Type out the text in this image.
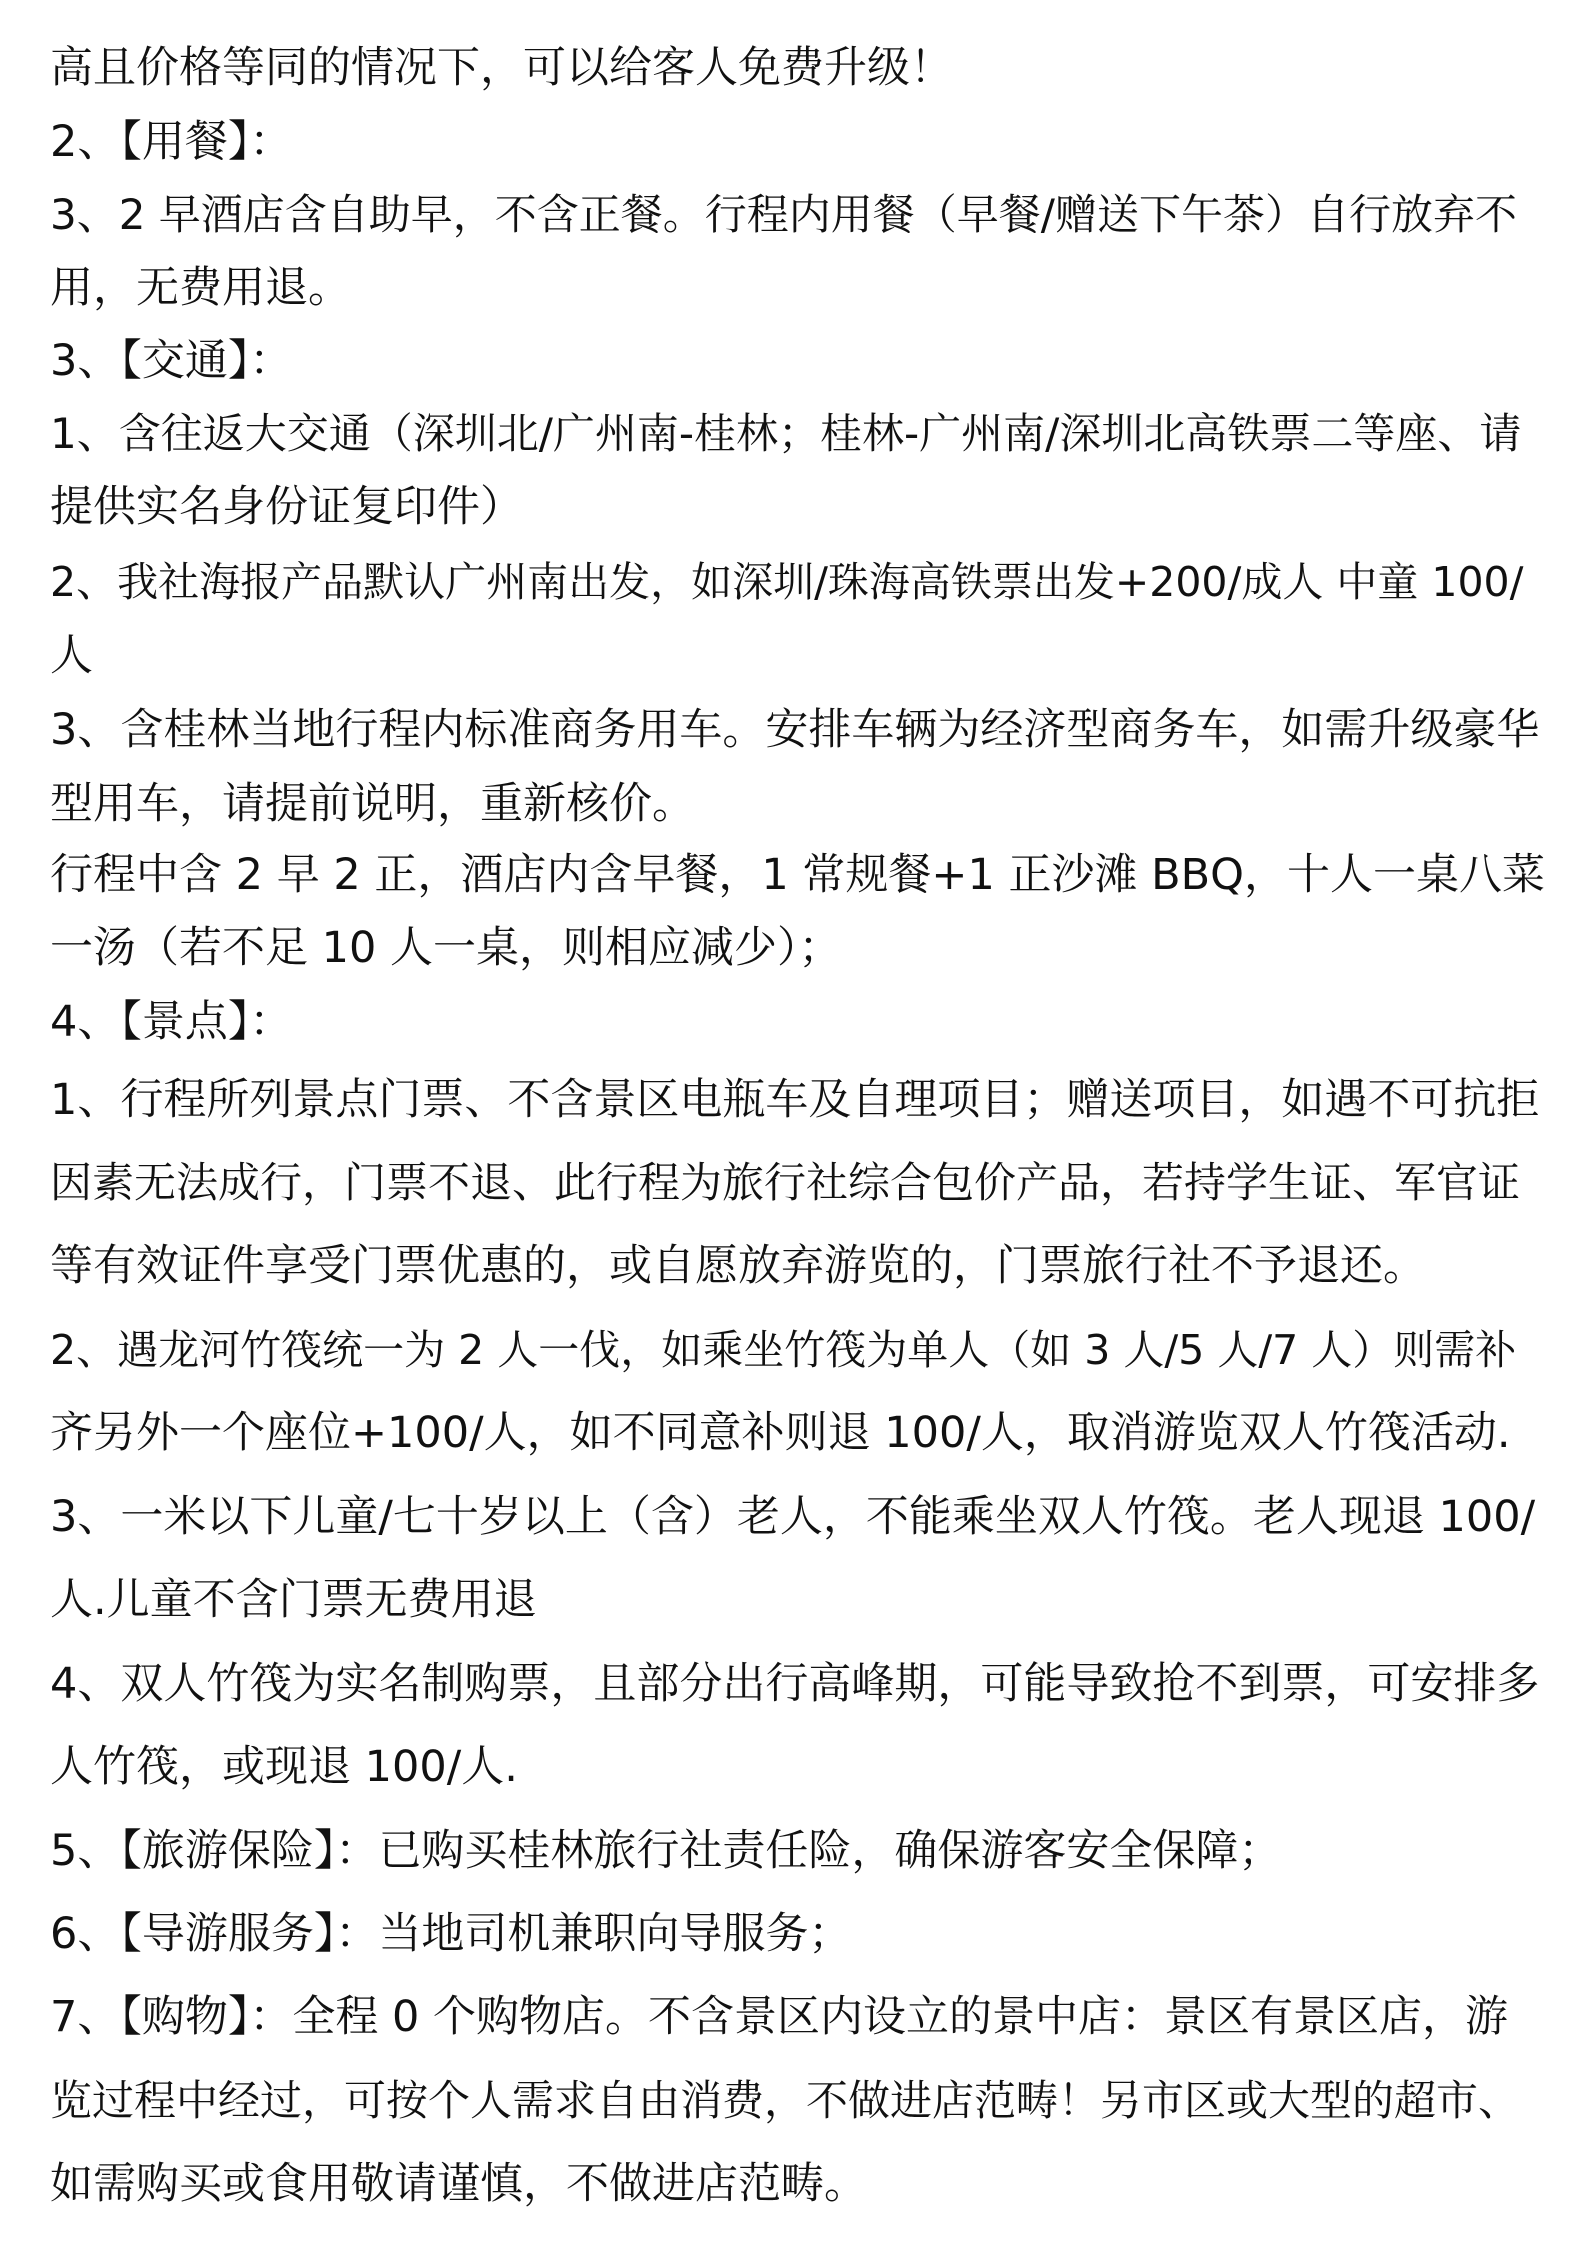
高且价格等同的情况下，可以给客人免费升级！
2、【用餐】：
3、2 早酒店含自助早，不含正餐。行程内用餐（早餐/赠送下午茶）自行放弃不
用，无费用退。
3、【交通】：
1、含往返大交通（深圳北/广州南-桂林；桂林-广州南/深圳北高铁票二等座、请
提供实名身份证复印件）
2、我社海报产品默认广州南出发，如深圳/珠海高铁票出发+200/成人 中童 100/
人
3、含桂林当地行程内标准商务用车。安排车辆为经济型商务车，如需升级豪华
型用车，请提前说明，重新核价。
行程中含 2 早 2 正，酒店内含早餐，1 常规餐+1 正沙滩 BBQ，十人一桌八菜
一汤（若不足 10 人一桌，则相应减少）；
4、【景点】：
1、行程所列景点门票、不含景区电瓶车及自理项目；赠送项目，如遇不可抗拒
因素无法成行，门票不退、此行程为旅行社综合包价产品，若持学生证、军官证
等有效证件享受门票优惠的，或自愿放弃游览的，门票旅行社不予退还。
2、遇龙河竹筏统一为 2 人一伐，如乘坐竹筏为单人（如 3 人/5 人/7 人）则需补
齐另外一个座位+100/人，如不同意补则退 100/人，取消游览双人竹筏活动.
3、一米以下儿童/七十岁以上（含）老人，不能乘坐双人竹筏。老人现退 100/
人.儿童不含门票无费用退
4、双人竹筏为实名制购票，且部分出行高峰期，可能导致抢不到票，可安排多
人竹筏，或现退 100/人.
5、【旅游保险】：已购买桂林旅行社责任险，确保游客安全保障；
6、【导游服务】：当地司机兼职向导服务；
7、【购物】：全程 0 个购物店。不含景区内设立的景中店：景区有景区店，游
览过程中经过，可按个人需求自由消费，不做进店范畴！另市区或大型的超市、
如需购买或食用敬请谨慎，不做进店范畴。
